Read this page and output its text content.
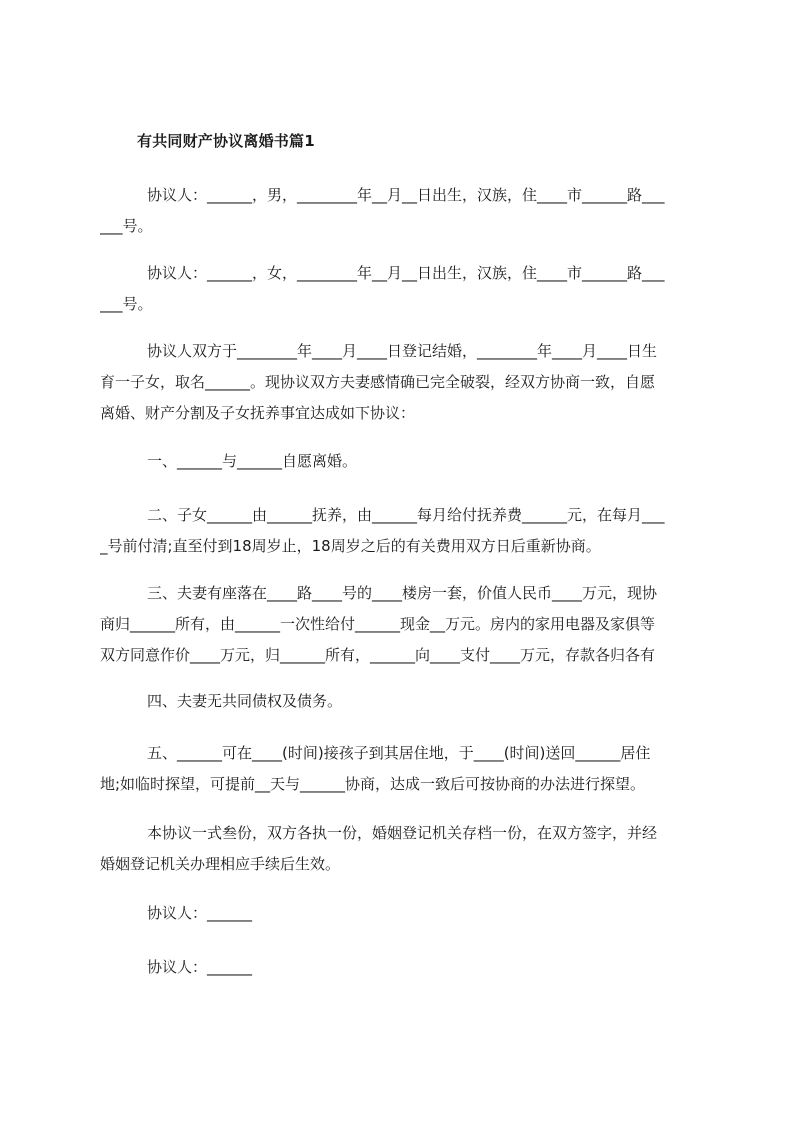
有共同财产协议离婚书篇1
协议人：______，男，________年__月__日出生，汉族，住____市______路___
___号。
协议人：______，女，________年__月__日出生，汉族，住____市______路___
___号。
协议人双方于________年____月____日登记结婚，________年____月____日生
育一子女，取名______。现协议双方夫妻感情确已完全破裂，经双方协商一致，自愿
离婚、财产分割及子女抚养事宜达成如下协议：
一、______与______自愿离婚。
二、子女______由______抚养，由______每月给付抚养费______元，在每月___
_号前付清;直至付到18周岁止，18周岁之后的有关费用双方日后重新协商。
三、夫妻有座落在____路____号的____楼房一套，价值人民币____万元，现协
商归______所有，由______一次性给付______现金__万元。房内的家用电器及家俱等
双方同意作价____万元，归______所有，______向____支付____万元，存款各归各有
四、夫妻无共同债权及债务。
五、______可在____(时间)接孩子到其居住地，于____(时间)送回______居住
地;如临时探望，可提前__天与______协商，达成一致后可按协商的办法进行探望。
本协议一式叁份，双方各执一份，婚姻登记机关存档一份，在双方签字，并经
婚姻登记机关办理相应手续后生效。
协议人：______
协议人：______
